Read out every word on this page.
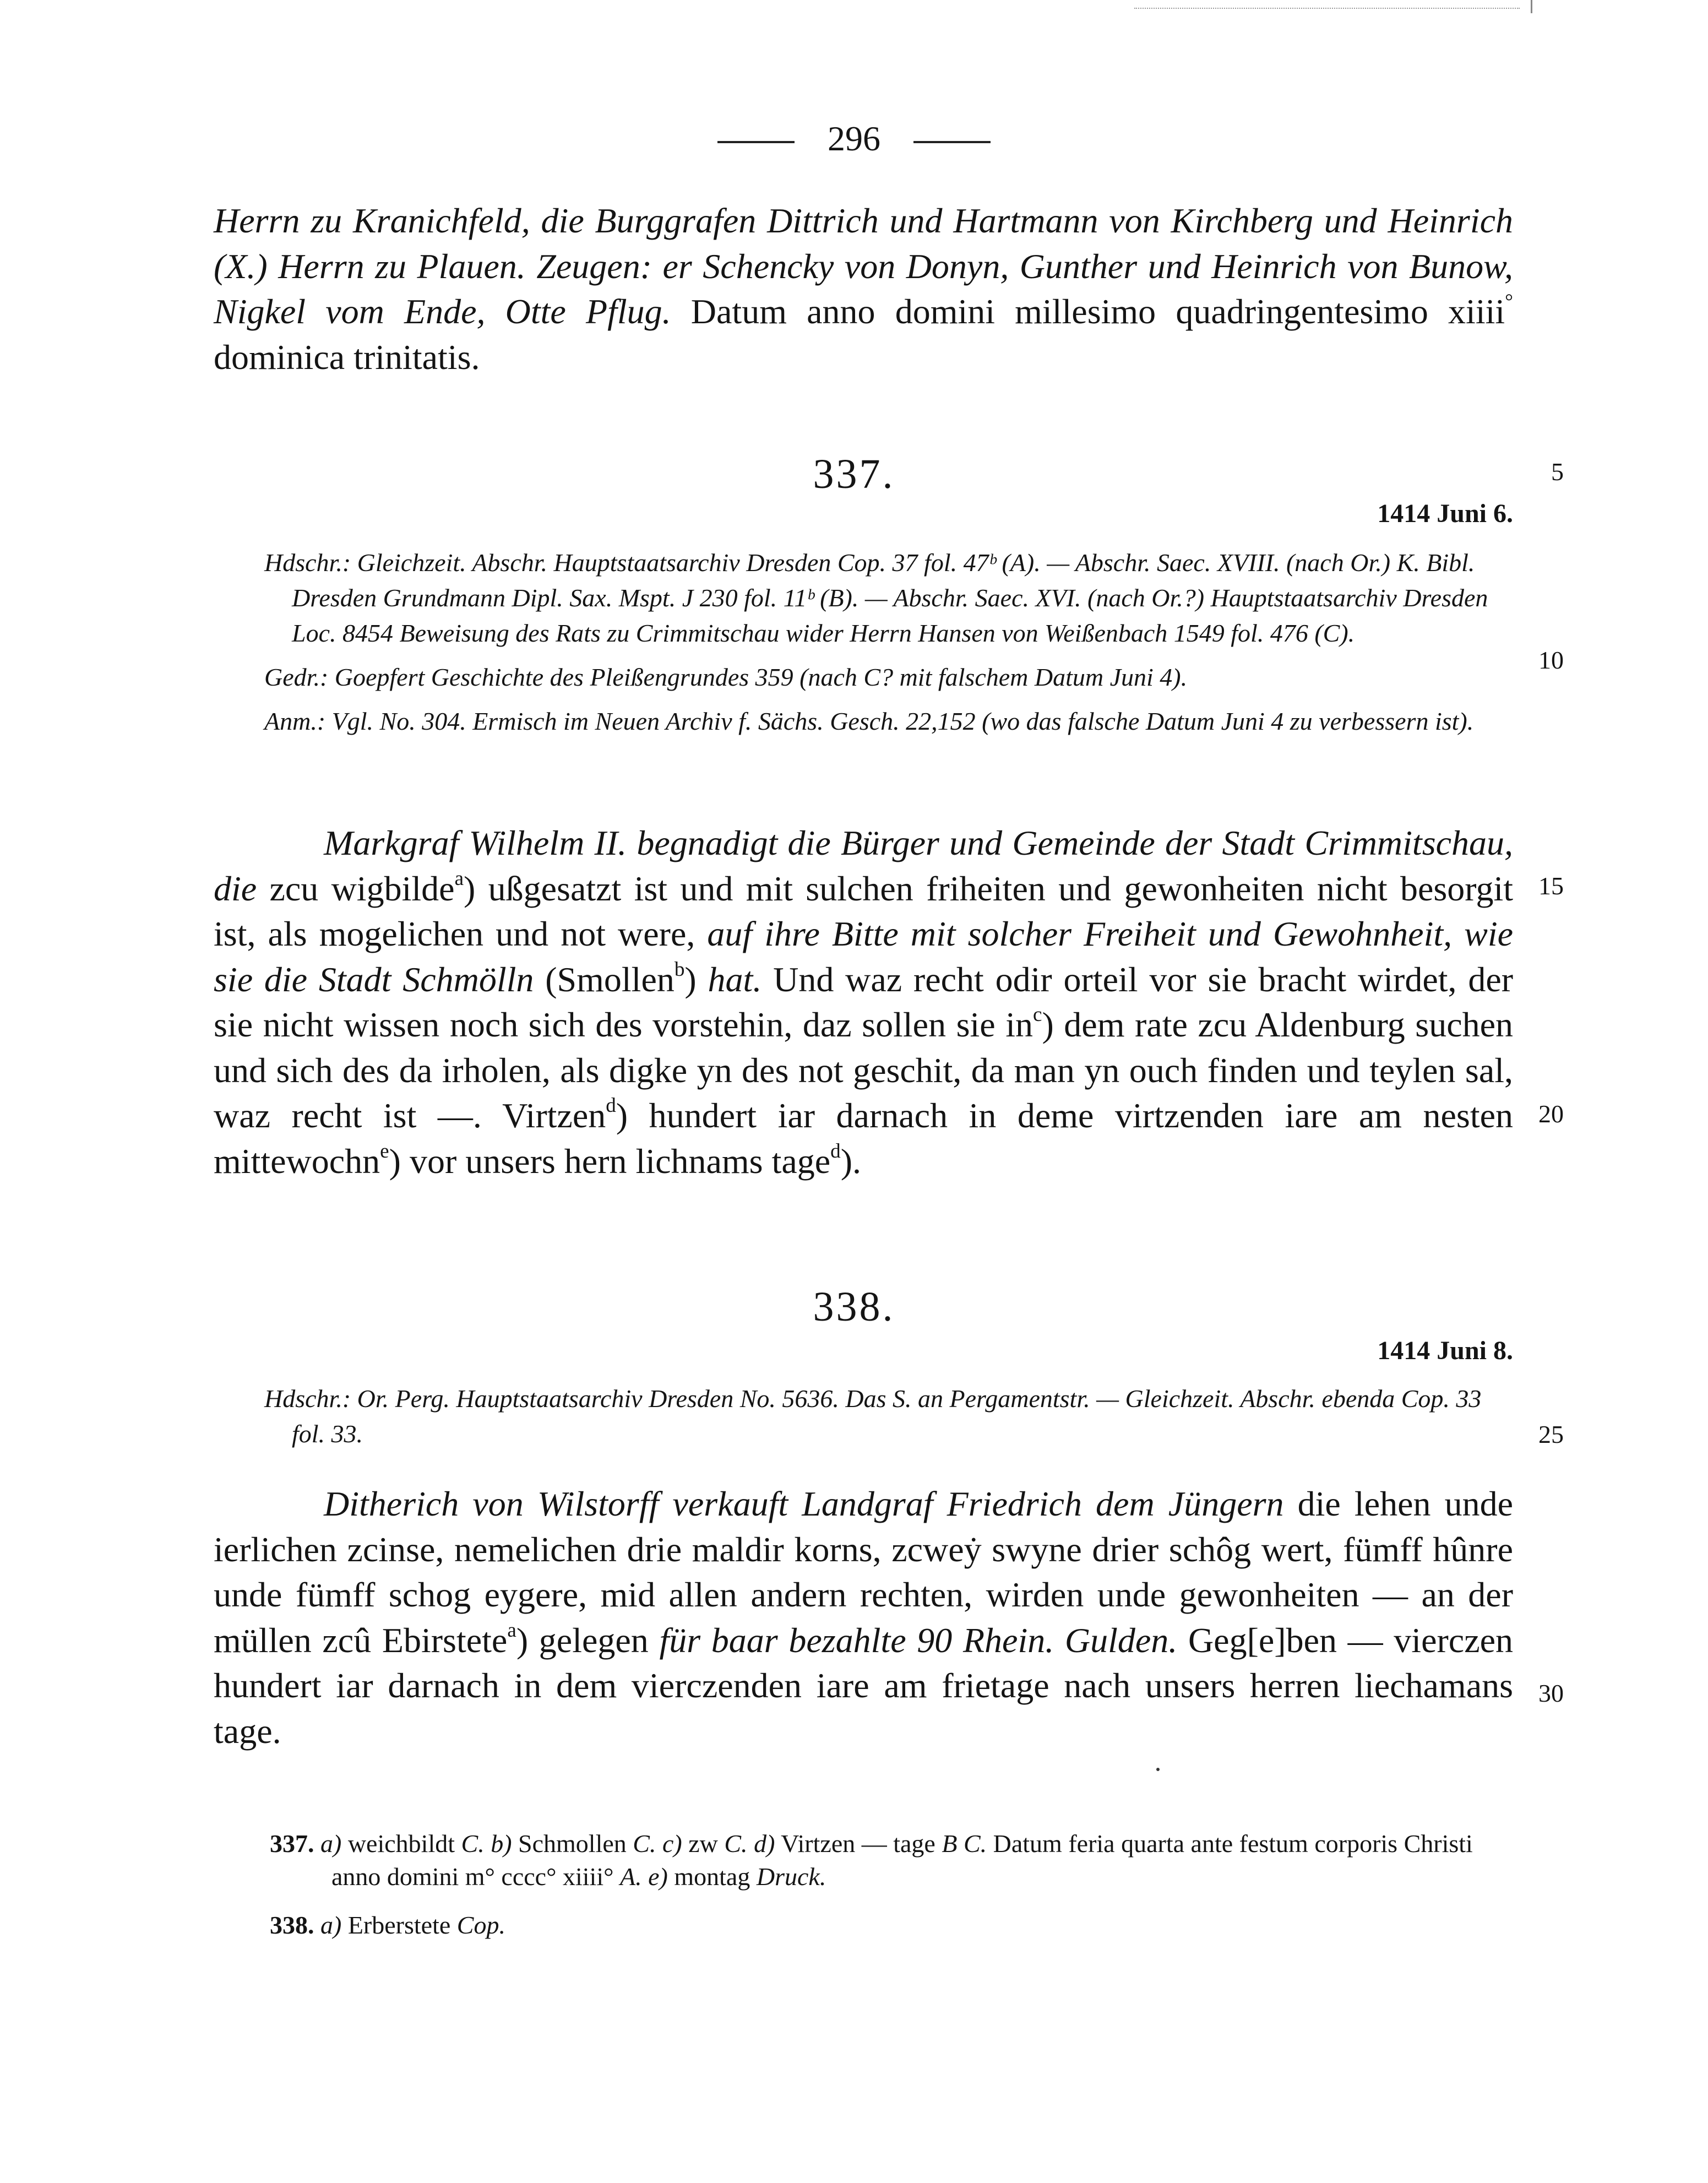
296

Herrn zu Kranichfeld, die Burggrafen Dittrich und Hartmann von Kirchberg und Heinrich (X.) Herrn zu Plauen. Zeugen: er Schenckу von Donyn, Gunther und Heinrich von Bunow, Nigkel vom Ende, Otte Pflug. Datum anno domini millesimo quadringentesimo xiiii° dominica trinitatis.

337.	5
1414 Juni 6.

Hdschr.: Gleichzeit. Abschr. Hauptstaatsarchiv Dresden Cop. 37 fol. 47ᵇ (A). — Abschr. Saec. XVIII. (nach Or.) K. Bibl. Dresden Grundmann Dipl. Sax. Mspt. J 230 fol. 11ᵇ (B). — Abschr. Saec. XVI. (nach Or.?) Hauptstaatsarchiv Dresden Loc. 8454 Beweisung des Rats zu Crimmitschau wider Herrn Hansen von Weißenbach 1549 fol. 476 (C).

Gedr.: Goepfert Geschichte des Pleißengrundes 359 (nach C? mit falschem Datum Juni 4).

Anm.: Vgl. No. 304. Ermisch im Neuen Archiv f. Sächs. Gesch. 22,152 (wo das falsche Datum Juni 4 zu verbessern ist).

10

Markgraf Wilhelm II. begnadigt die Bürger und Gemeinde der Stadt Crimmitschau, die zcu wigbilde$^a$) ußgesatzt ist und mit sulchen friheiten und gewonheiten nicht besorgit ist, als mogelichen und not were, auf ihre Bitte mit solcher Freiheit und Gewohnheit, wie sie die Stadt Schmölln (Smollen$^b$) hat. Und waz recht odir orteil vor sie bracht wirdet, der sie nicht wissen noch sich des vorstehin, daz sollen sie $in^c$) dem rate zcu Aldenburg suchen und sich des da irholen, als digke yn des not geschit, da man yn ouch finden und teylen sal, waz recht ist —. Virtzen$^d$) hundert iar darnach in deme virtzenden iare am nesten mittewochn$^e$) vor unsers hern lichnams tage$^d$).

15
20
338.
1414 Juni 8.

Hdschr.: Or. Perg. Hauptstaatsarchiv Dresden No. 5636. Das S. an Pergamentstr. — Gleichzeit. Abschr. ebenda Cop. 33 fol. 33.	25

Ditherich von Wilstorff verkauft Landgraf Friedrich dem Jüngern die lehen unde ierlichen zcinse, nemelichen drie maldir korns, zcweẏ swyne drier schôg wert, fümff hûnre unde fümff schog eygere, mid allen andern rechten, wirden unde gewonheiten — an der müllen zcû Ebirstete$^a$) gelegen für baar bezahlte 90 Rhein. Gulden. Geg[e]ben — vierczen hundert iar darnach in dem vierczenden iare am frietage nach unsers herren liechamans tage.

30

337. a) weichbildt C. b) Schmollen C. c) zw C. d) Virtzen — tage B C. Datum feria quarta ante festum corporis Christi anno domini m° cccc° xiiii° A. e) montag Druck.

338. a) Erberstete Cop.
